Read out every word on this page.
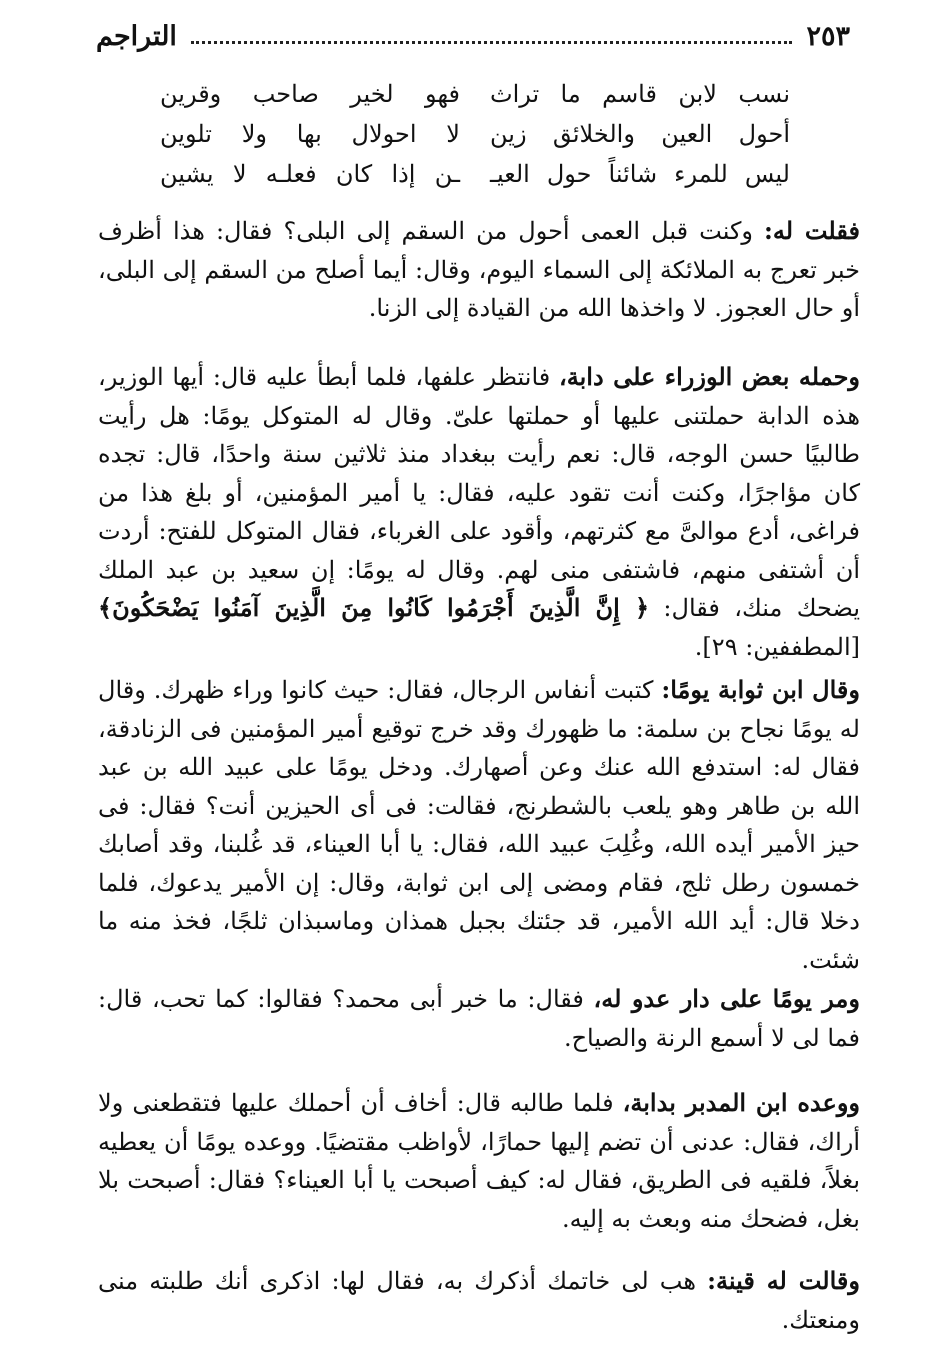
التراجم	٢٥٣
نسب لابن قاسم ما تراث
فهو لخير صاحب وقرين
أحول العين والخلائق زين
لا احولال بها ولا تلوين
ليس للمرء شائناً حول العيـ
ـن إذا كان فعلـه لا يشين

فقلت له: وكنت قبل العمى أحول من السقم إلى البلى؟ فقال: هذا أظرف خبر تعرج به الملائكة إلى السماء اليوم، وقال: أيما أصلح من السقم إلى البلى، أو حال العجوز. لا واخذها الله من القيادة إلى الزنا.

وحمله بعض الوزراء على دابة، فانتظر علفها، فلما أبطأ عليه قال: أيها الوزير، هذه الدابة حملتنى عليها أو حملتها علىّ. وقال له المتوكل يومًا: هل رأيت طالبيًا حسن الوجه، قال: نعم رأيت ببغداد منذ ثلاثين سنة واحدًا، قال: تجده كان مؤاجرًا، وكنت أنت تقود عليه، فقال: يا أمير المؤمنين، أو بلغ هذا من فراغى، أدع موالىَّ مع كثرتهم، وأقود على الغرباء، فقال المتوكل للفتح: أردت أن أشتفى منهم، فاشتفى منى لهم. وقال له يومًا: إن سعيد بن عبد الملك يضحك منك، فقال: ﴿ إِنَّ الَّذِينَ أَجْرَمُوا كَانُوا مِنَ الَّذِينَ آمَنُوا يَضْحَكُونَ﴾ [المطففين: ٢٩].

وقال ابن ثوابة يومًا: كتبت أنفاس الرجال، فقال: حيث كانوا وراء ظهرك. وقال له يومًا نجاح بن سلمة: ما ظهورك وقد خرج توقيع أمير المؤمنين فى الزنادقة، فقال له: استدفع الله عنك وعن أصهارك. ودخل يومًا على عبيد الله بن عبد الله بن طاهر وهو يلعب بالشطرنج، فقالت: فى أى الحيزين أنت؟ فقال: فى حيز الأمير أيده الله، وغُلِبَ عبيد الله، فقال: يا أبا العيناء، قد غُلبنا، وقد أصابك خمسون رطل ثلج، فقام ومضى إلى ابن ثوابة، وقال: إن الأمير يدعوك، فلما دخلا قال: أيد الله الأمير، قد جئتك بجبل همذان وماسبذان ثلجًا، فخذ منه ما شئت.

ومر يومًا على دار عدو له، فقال: ما خبر أبى محمد؟ فقالوا: كما تحب، قال: فما لى لا أسمع الرنة والصياح.

ووعده ابن المدبر بدابة، فلما طالبه قال: أخاف أن أحملك عليها فتقطعنى ولا أراك، فقال: عدنى أن تضم إليها حمارًا، لأواظب مقتضيًا. ووعده يومًا أن يعطيه بغلاً، فلقيه فى الطريق، فقال له: كيف أصبحت يا أبا العيناء؟ فقال: أصبحت بلا بغل، فضحك منه وبعث به إليه.

وقالت له قينة: هب لى خاتمك أذكرك به، فقال لها: اذكرى أنك طلبته منى ومنعتك.
